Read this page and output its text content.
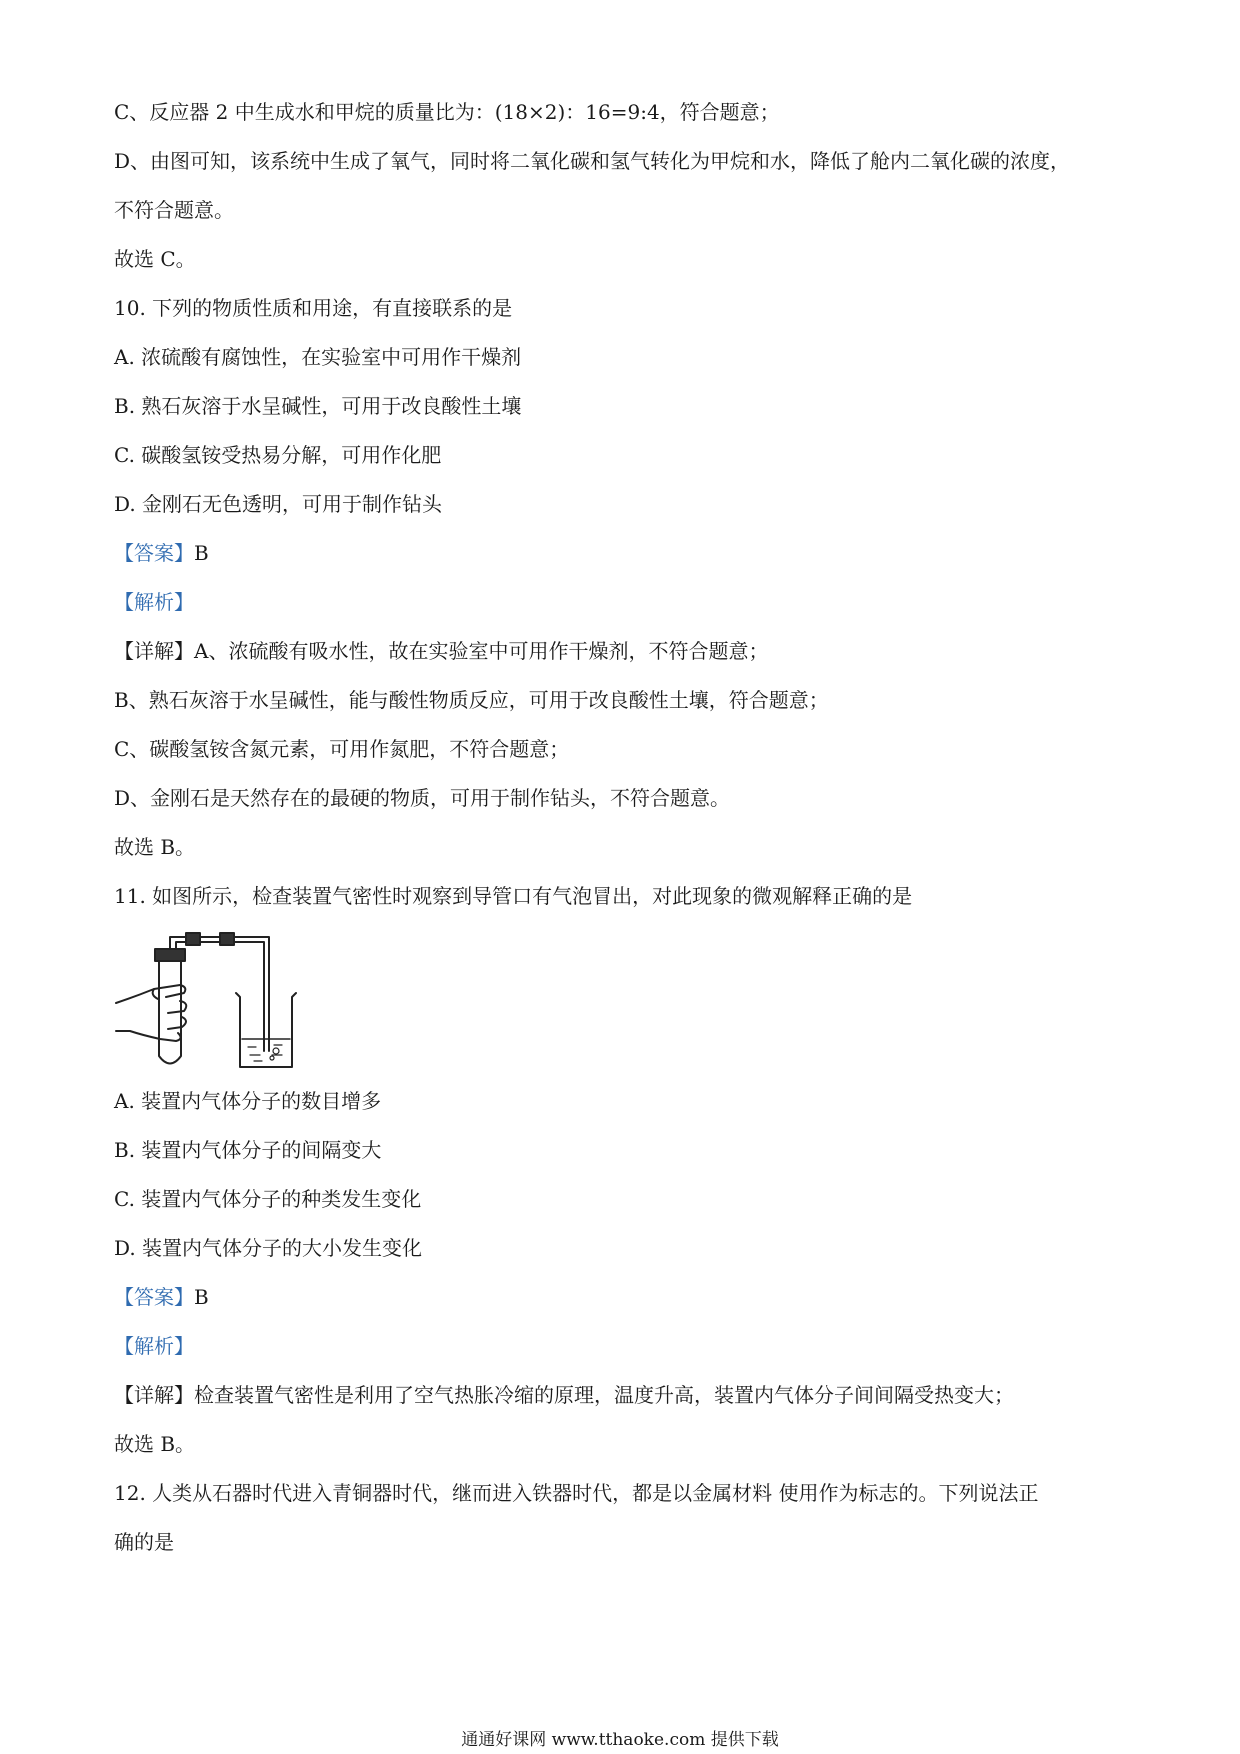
C、反应器 2 中生成水和甲烷的质量比为：(18×2)：16=9:4，符合题意；
D、由图可知，该系统中生成了氧气，同时将二氧化碳和氢气转化为甲烷和水，降低了舱内二氧化碳的浓度，
不符合题意。
故选 C。
10. 下列的物质性质和用途，有直接联系的是
A. 浓硫酸有腐蚀性，在实验室中可用作干燥剂
B. 熟石灰溶于水呈碱性，可用于改良酸性土壤
C. 碳酸氢铵受热易分解，可用作化肥
D. 金刚石无色透明，可用于制作钻头
【答案】B
【解析】
【详解】A、浓硫酸有吸水性，故在实验室中可用作干燥剂，不符合题意；
B、熟石灰溶于水呈碱性，能与酸性物质反应，可用于改良酸性土壤，符合题意；
C、碳酸氢铵含氮元素，可用作氮肥，不符合题意；
D、金刚石是天然存在的最硬的物质，可用于制作钻头，不符合题意。
故选 B。
11. 如图所示，检查装置气密性时观察到导管口有气泡冒出，对此现象的微观解释正确的是
A. 装置内气体分子的数目增多
B. 装置内气体分子的间隔变大
C. 装置内气体分子的种类发生变化
D. 装置内气体分子的大小发生变化
【答案】B
【解析】
【详解】检查装置气密性是利用了空气热胀冷缩的原理，温度升高，装置内气体分子间间隔受热变大；
故选 B。
12. 人类从石器时代进入青铜器时代，继而进入铁器时代，都是以金属材料 使用作为标志的。下列说法正
确的是
通通好课网 www.tthaoke.com 提供下载
